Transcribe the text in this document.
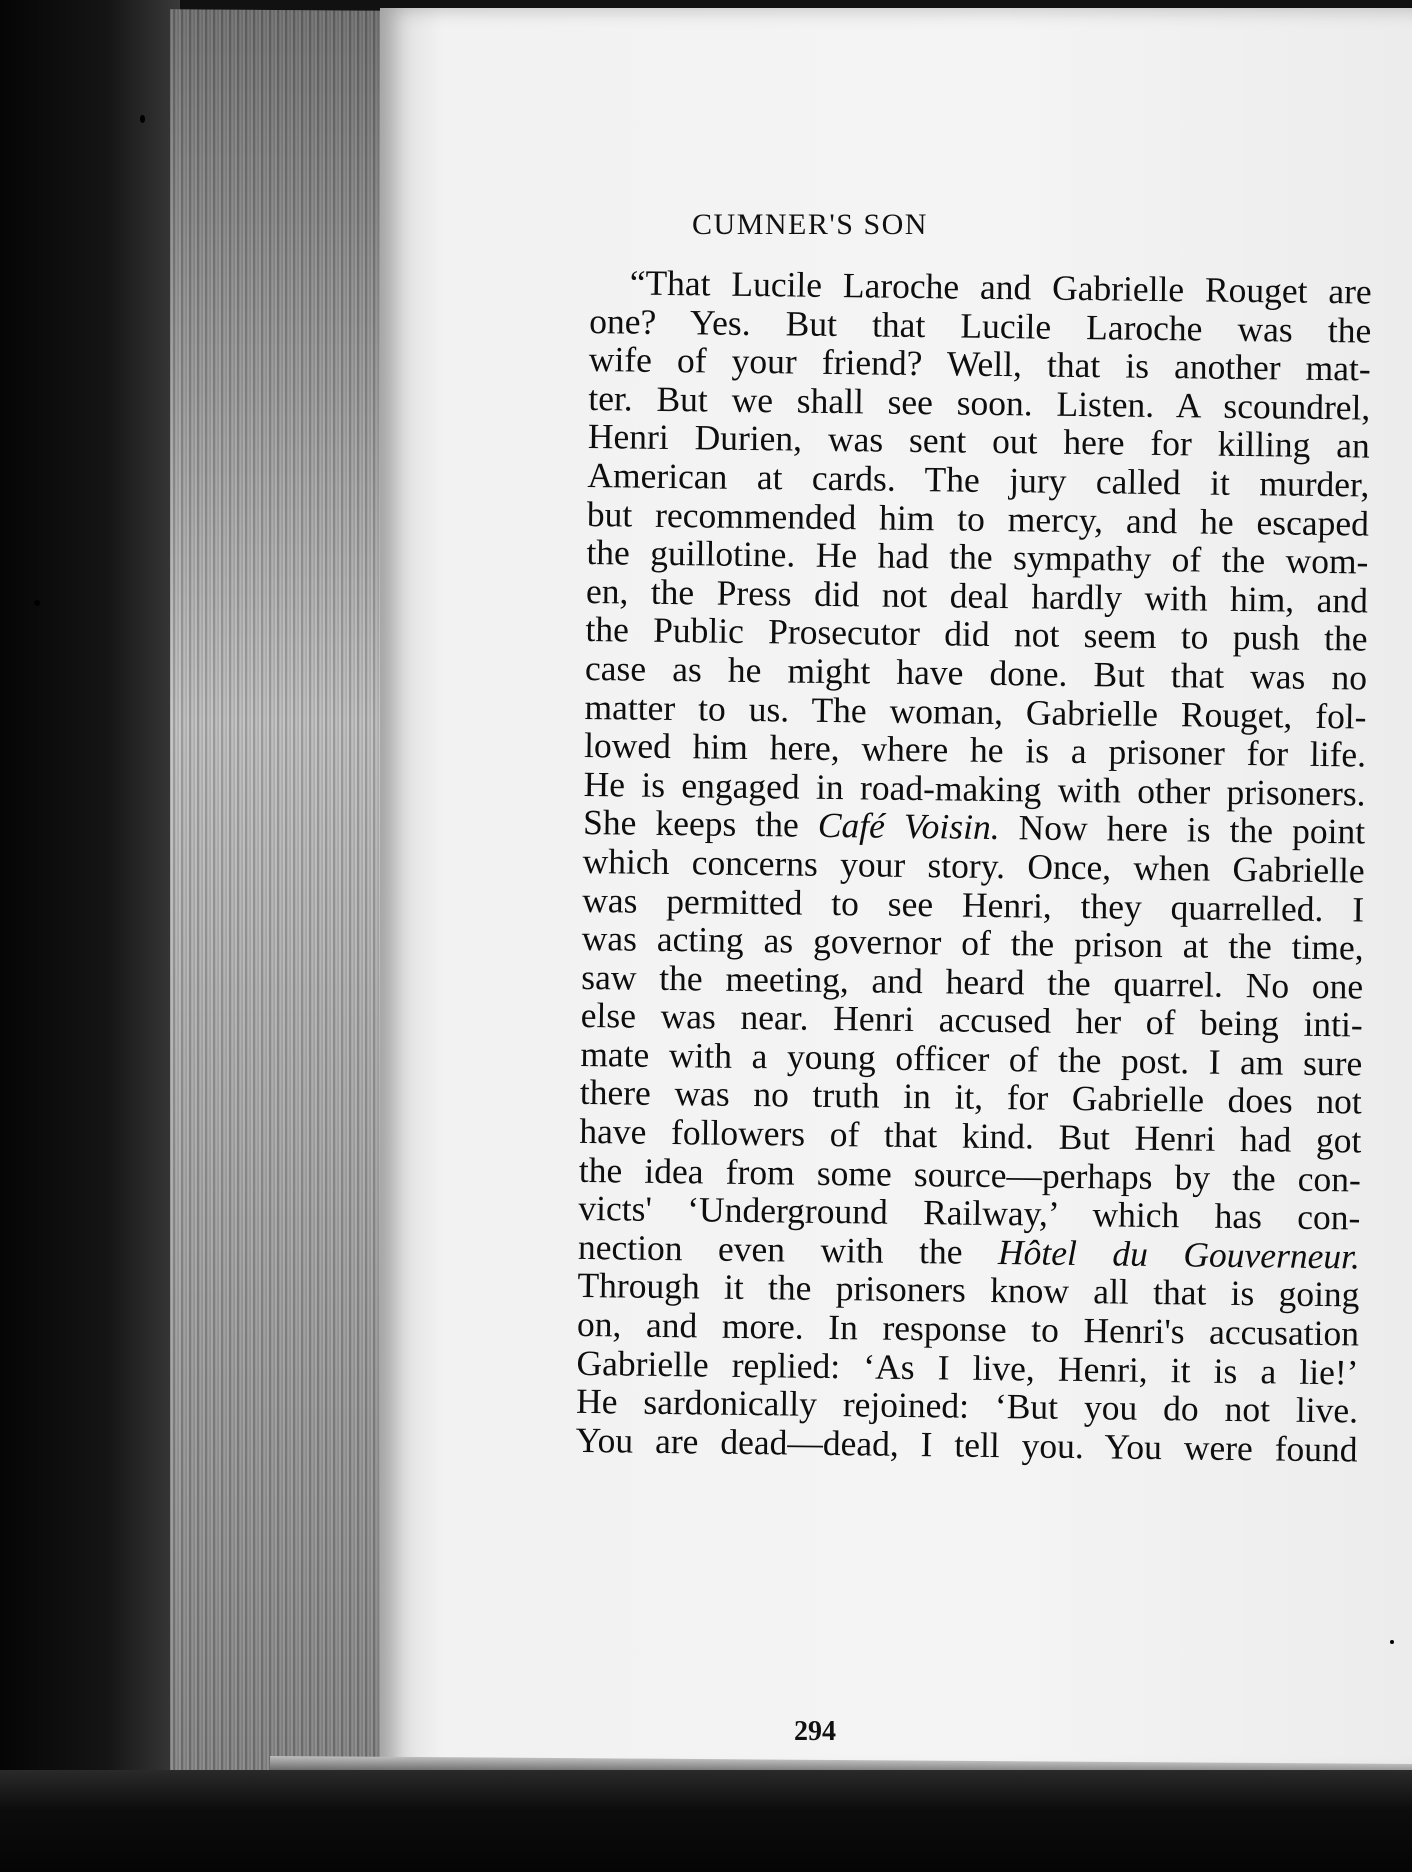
CUMNER'S SON
“That Lucile Laroche and Gabrielle Rouget are
one? Yes. But that Lucile Laroche was the
wife of your friend? Well, that is another mat-
ter. But we shall see soon. Listen. A scoundrel,
Henri Durien, was sent out here for killing an
American at cards. The jury called it murder,
but recommended him to mercy, and he escaped
the guillotine. He had the sympathy of the wom-
en, the Press did not deal hardly with him, and
the Public Prosecutor did not seem to push the
case as he might have done. But that was no
matter to us. The woman, Gabrielle Rouget, fol-
lowed him here, where he is a prisoner for life.
He is engaged in road-making with other prisoners.
She keeps the Café Voisin. Now here is the point
which concerns your story. Once, when Gabrielle
was permitted to see Henri, they quarrelled. I
was acting as governor of the prison at the time,
saw the meeting, and heard the quarrel. No one
else was near. Henri accused her of being inti-
mate with a young officer of the post. I am sure
there was no truth in it, for Gabrielle does not
have followers of that kind. But Henri had got
the idea from some source—perhaps by the con-
victs' ‘Underground Railway,’ which has con-
nection even with the Hôtel du Gouverneur.
Through it the prisoners know all that is going
on, and more. In response to Henri's accusation
Gabrielle replied: ‘As I live, Henri, it is a lie!’
He sardonically rejoined: ‘But you do not live.
You are dead—dead, I tell you. You were found
294
